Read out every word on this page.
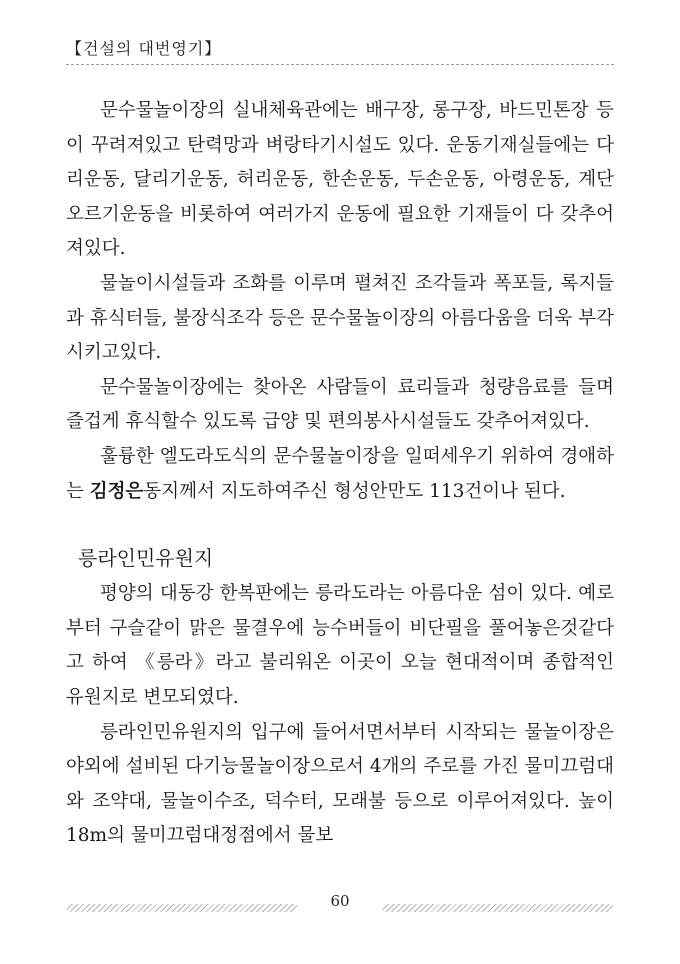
【건설의 대번영기】

문수물놀이장의 실내체육관에는 배구장, 롱구장, 바드민톤장 등이 꾸려져있고 탄력망과 벼랑타기시설도 있다. 운동기재실들에는 다리운동, 달리기운동, 허리운동, 한손운동, 두손운동, 아령운동, 계단오르기운동을 비롯하여 여러가지 운동에 필요한 기재들이 다 갖추어져있다.

물놀이시설들과 조화를 이루며 펼쳐진 조각들과 폭포들, 록지들과 휴식터들, 불장식조각 등은 문수물놀이장의 아름다움을 더욱 부각시키고있다.

문수물놀이장에는 찾아온 사람들이 료리들과 청량음료를 들며 즐겁게 휴식할수 있도록 급양 및 편의봉사시설들도 갖추어져있다.

훌륭한 엘도라도식의 문수물놀이장을 일떠세우기 위하여 경애하는 김정은동지께서 지도하여주신 형성안만도 113건이나 된다.

릉라인민유원지

평양의 대동강 한복판에는 릉라도라는 아름다운 섬이 있다. 예로부터 구슬같이 맑은 물결우에 능수버들이 비단필을 풀어놓은것같다고 하여 《릉라》라고 불리워온 이곳이 오늘 현대적이며 종합적인 유원지로 변모되였다.

릉라인민유원지의 입구에 들어서면서부터 시작되는 물놀이장은 야외에 설비된 다기능물놀이장으로서 4개의 주로를 가진 물미끄럼대와 조약대, 물놀이수조, 덕수터, 모래불 등으로 이루어져있다. 높이 18m의 물미끄럼대정점에서 물보

60
